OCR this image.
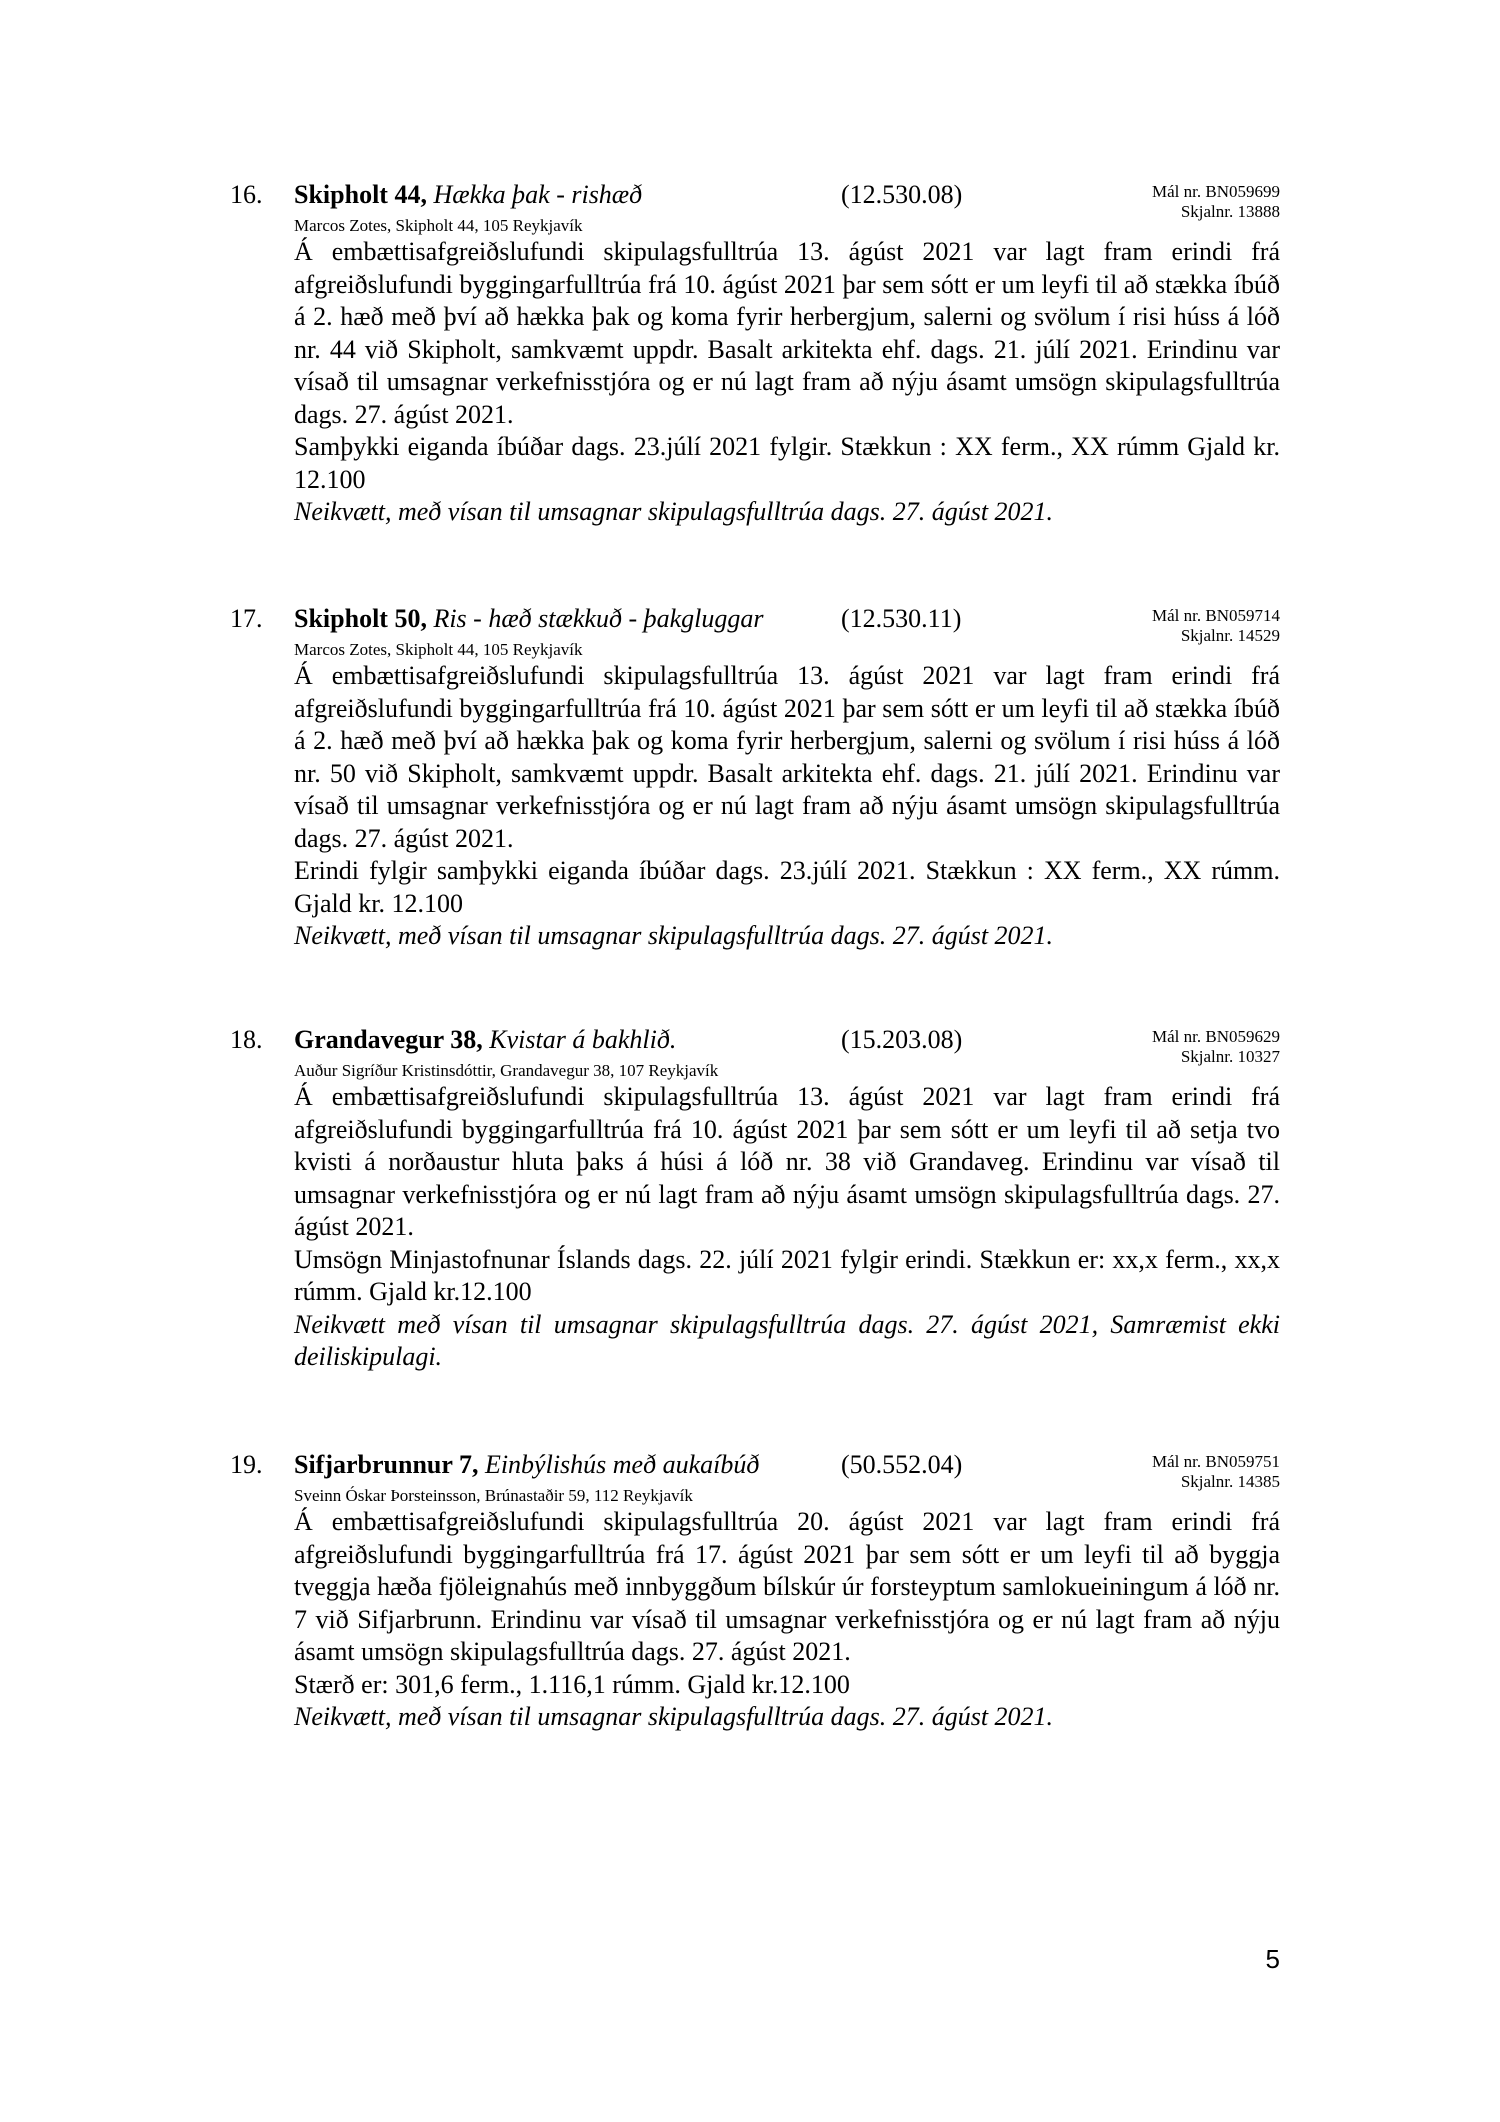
16. Skipholt 44, Hækka þak - rishæð	(12.530.08)	Mál nr. BN059699
Skjalnr. 13888
Marcos Zotes, Skipholt 44, 105 Reykjavík

Á embættisafgreiðslufundi skipulagsfulltrúa 13. ágúst 2021 var lagt fram erindi frá afgreiðslufundi byggingarfulltrúa frá 10. ágúst 2021 þar sem sótt er um leyfi til að stækka íbúð á 2. hæð með því að hækka þak og koma fyrir herbergjum, salerni og svölum í risi húss á lóð nr. 44 við Skipholt, samkvæmt uppdr. Basalt arkitekta ehf. dags. 21. júlí 2021. Erindinu var vísað til umsagnar verkefnisstjóra og er nú lagt fram að nýju ásamt umsögn skipulagsfulltrúa dags. 27. ágúst 2021.

Samþykki eiganda íbúðar dags. 23.júlí 2021 fylgir. Stækkun : XX ferm., XX rúmm Gjald kr. 12.100

Neikvætt, með vísan til umsagnar skipulagsfulltrúa dags. 27. ágúst 2021.

17. Skipholt 50, Ris - hæð stækkuð - þakgluggar	(12.530.11)	Mál nr. BN059714
Skjalnr. 14529
Marcos Zotes, Skipholt 44, 105 Reykjavík

Á embættisafgreiðslufundi skipulagsfulltrúa 13. ágúst 2021 var lagt fram erindi frá afgreiðslufundi byggingarfulltrúa frá 10. ágúst 2021 þar sem sótt er um leyfi til að stækka íbúð á 2. hæð með því að hækka þak og koma fyrir herbergjum, salerni og svölum í risi húss á lóð nr. 50 við Skipholt, samkvæmt uppdr. Basalt arkitekta ehf. dags. 21. júlí 2021. Erindinu var vísað til umsagnar verkefnisstjóra og er nú lagt fram að nýju ásamt umsögn skipulagsfulltrúa dags. 27. ágúst 2021.

Erindi fylgir samþykki eiganda íbúðar dags. 23.júlí 2021. Stækkun : XX ferm., XX rúmm. Gjald kr. 12.100

Neikvætt, með vísan til umsagnar skipulagsfulltrúa dags. 27. ágúst 2021.

18. Grandavegur 38, Kvistar á bakhlið.	(15.203.08)	Mál nr. BN059629
Skjalnr. 10327
Auður Sigríður Kristinsdóttir, Grandavegur 38, 107 Reykjavík

Á embættisafgreiðslufundi skipulagsfulltrúa 13. ágúst 2021 var lagt fram erindi frá afgreiðslufundi byggingarfulltrúa frá 10. ágúst 2021 þar sem sótt er um leyfi til að setja tvo kvisti á norðaustur hluta þaks á húsi á lóð nr. 38 við Grandaveg. Erindinu var vísað til umsagnar verkefnisstjóra og er nú lagt fram að nýju ásamt umsögn skipulagsfulltrúa dags. 27. ágúst 2021.

Umsögn Minjastofnunar Íslands dags. 22. júlí 2021 fylgir erindi. Stækkun er: xx,x ferm., xx,x rúmm. Gjald kr.12.100

Neikvætt með vísan til umsagnar skipulagsfulltrúa dags. 27. ágúst 2021, Samræmist ekki deiliskipulagi.

19. Sifjarbrunnur 7, Einbýlishús með aukaíbúð	(50.552.04)	Mál nr. BN059751
Skjalnr. 14385
Sveinn Óskar Þorsteinsson, Brúnastaðir 59, 112 Reykjavík

Á embættisafgreiðslufundi skipulagsfulltrúa 20. ágúst 2021 var lagt fram erindi frá afgreiðslufundi byggingarfulltrúa frá 17. ágúst 2021 þar sem sótt er um leyfi til að byggja tveggja hæða fjöleignahús með innbyggðum bílskúr úr forsteyptum samlokueiningum á lóð nr. 7 við Sifjarbrunn. Erindinu var vísað til umsagnar verkefnisstjóra og er nú lagt fram að nýju ásamt umsögn skipulagsfulltrúa dags. 27. ágúst 2021.

Stærð er: 301,6 ferm., 1.116,1 rúmm. Gjald kr.12.100

Neikvætt, með vísan til umsagnar skipulagsfulltrúa dags. 27. ágúst 2021.

5
